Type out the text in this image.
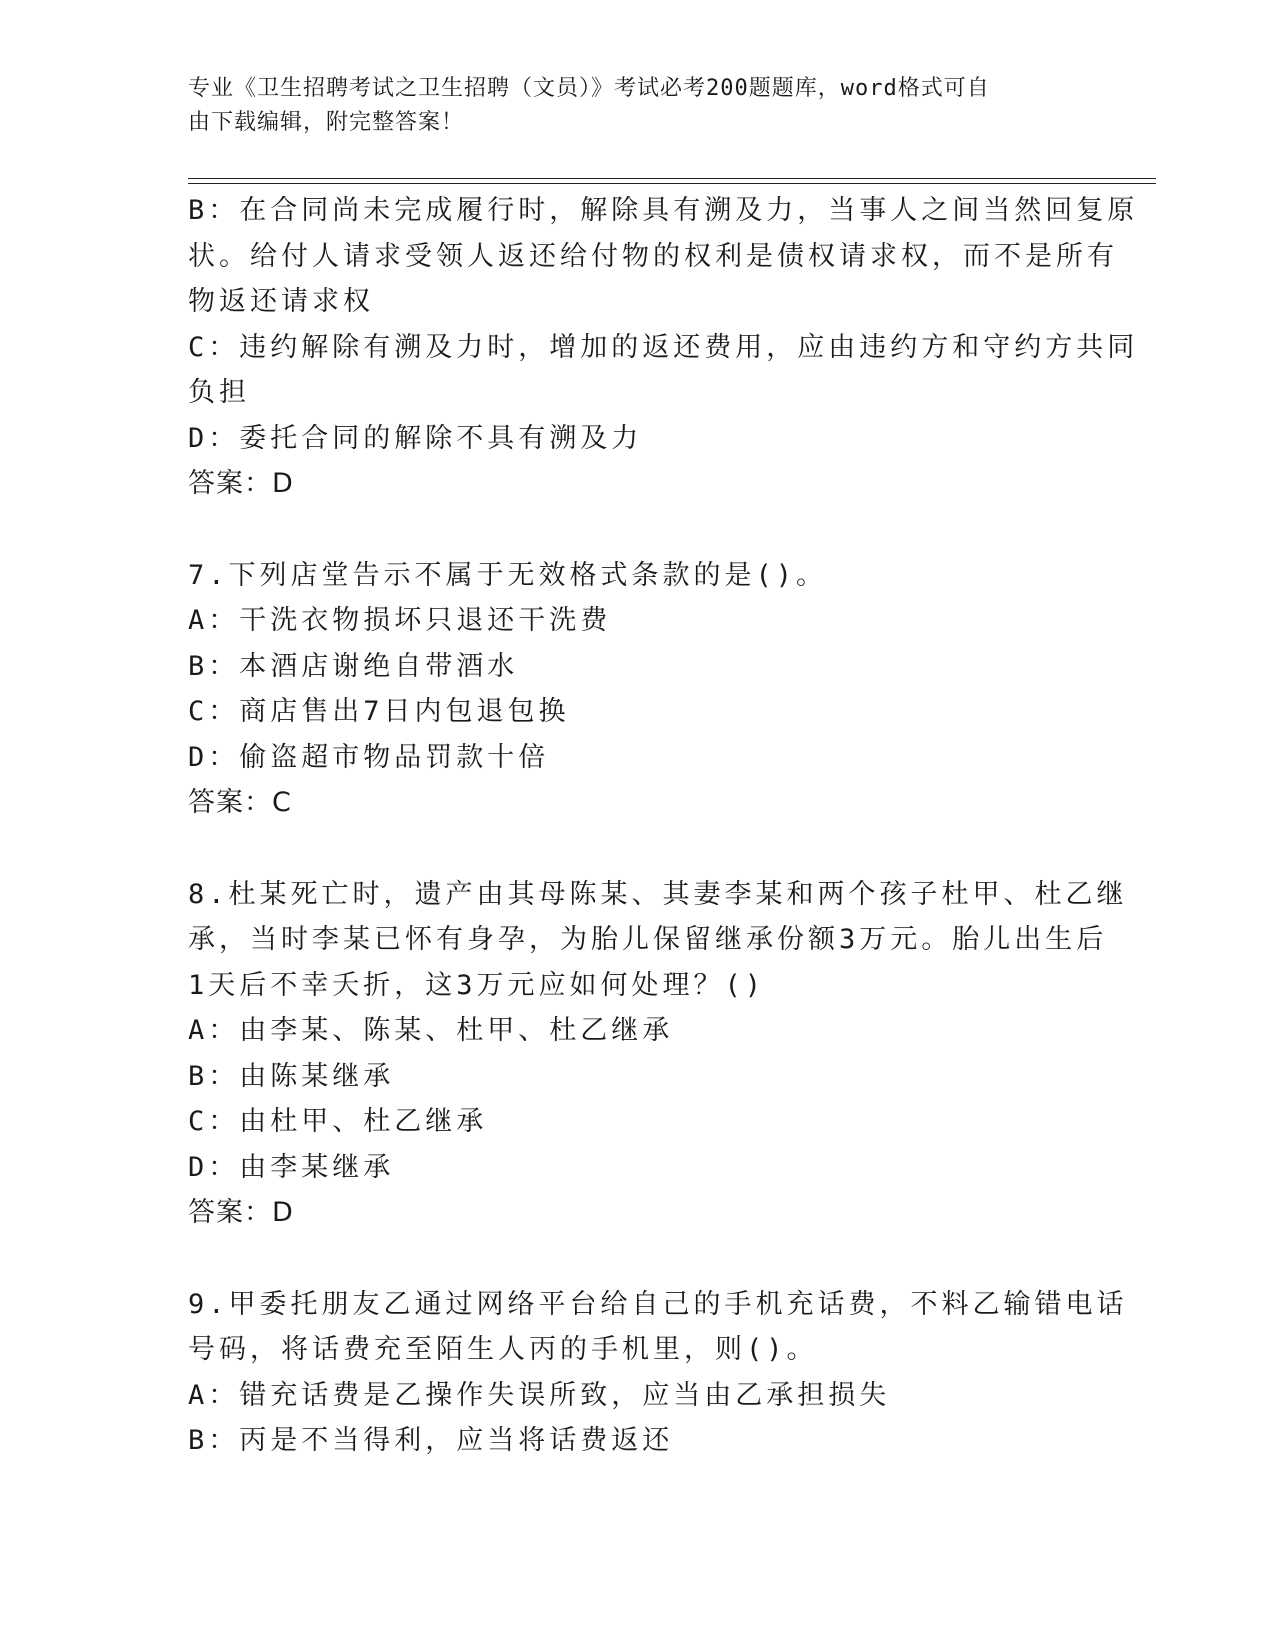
专业《卫生招聘考试之卫生招聘（文员）》考试必考200题题库，word格式可自
由下载编辑，附完整答案！
B：在合同尚未完成履行时，解除具有溯及力，当事人之间当然回复原
状。给付人请求受领人返还给付物的权利是债权请求权，而不是所有
物返还请求权
C：违约解除有溯及力时，增加的返还费用，应由违约方和守约方共同
负担
D：委托合同的解除不具有溯及力
答案：D
7.下列店堂告示不属于无效格式条款的是()。
A：干洗衣物损坏只退还干洗费
B：本酒店谢绝自带酒水
C：商店售出7日内包退包换
D：偷盗超市物品罚款十倍
答案：C
8.杜某死亡时，遗产由其母陈某、其妻李某和两个孩子杜甲、杜乙继
承，当时李某已怀有身孕，为胎儿保留继承份额3万元。胎儿出生后
1天后不幸夭折，这3万元应如何处理？()
A：由李某、陈某、杜甲、杜乙继承
B：由陈某继承
C：由杜甲、杜乙继承
D：由李某继承
答案：D
9.甲委托朋友乙通过网络平台给自己的手机充话费，不料乙输错电话
号码，将话费充至陌生人丙的手机里，则()。
A：错充话费是乙操作失误所致，应当由乙承担损失
B：丙是不当得利，应当将话费返还
